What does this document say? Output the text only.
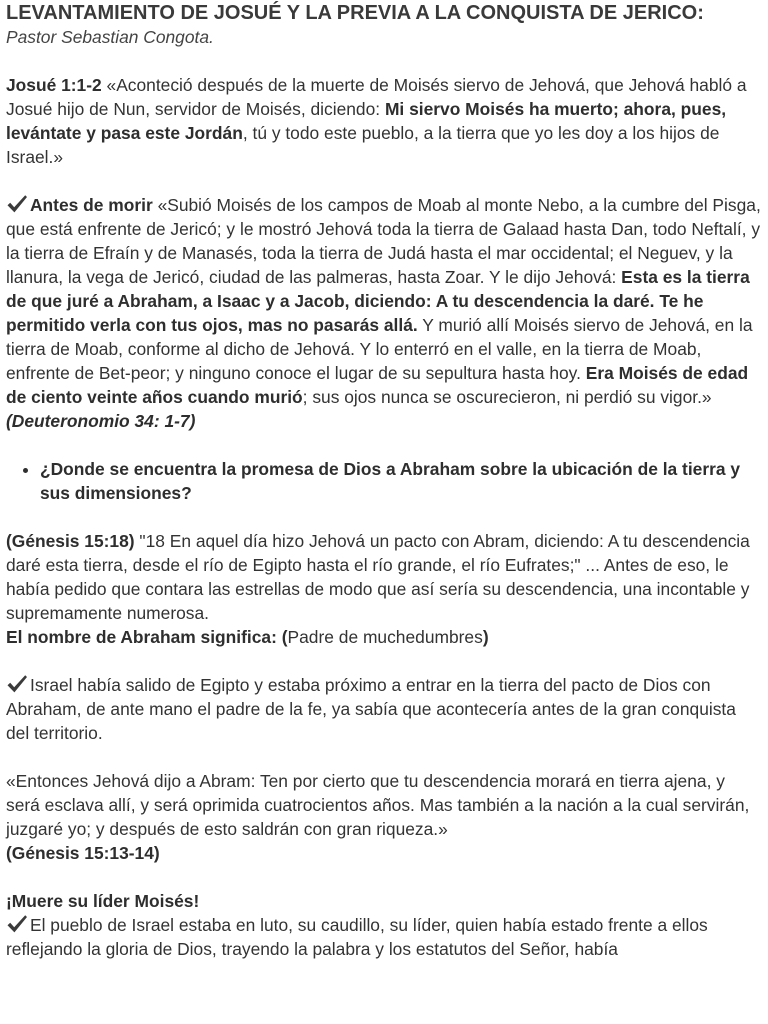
LEVANTAMIENTO DE JOSUÉ Y LA PREVIA A LA CONQUISTA DE JERICO:
Pastor Sebastian Congota.

Josué 1:1-2 «Aconteció después de la muerte de Moisés siervo de Jehová, que Jehová habló a Josué hijo de Nun, servidor de Moisés, diciendo: Mi siervo Moisés ha muerto; ahora, pues, levántate y pasa este Jordán, tú y todo este pueblo, a la tierra que yo les doy a los hijos de Israel.»

Antes de morir «Subió Moisés de los campos de Moab al monte Nebo, a la cumbre del Pisga, que está enfrente de Jericó; y le mostró Jehová toda la tierra de Galaad hasta Dan, todo Neftalí, y la tierra de Efraín y de Manasés, toda la tierra de Judá hasta el mar occidental; el Neguev, y la llanura, la vega de Jericó, ciudad de las palmeras, hasta Zoar. Y le dijo Jehová: Esta es la tierra de que juré a Abraham, a Isaac y a Jacob, diciendo: A tu descendencia la daré. Te he permitido verla con tus ojos, mas no pasarás allá. Y murió allí Moisés siervo de Jehová, en la tierra de Moab, conforme al dicho de Jehová. Y lo enterró en el valle, en la tierra de Moab, enfrente de Bet-peor; y ninguno conoce el lugar de su sepultura hasta hoy. Era Moisés de edad de ciento veinte años cuando murió; sus ojos nunca se oscurecieron, ni perdió su vigor.»

(Deuteronomio 34: 1-7)

• ¿Donde se encuentra la promesa de Dios a Abraham sobre la ubicación de la tierra y sus dimensiones?

(Génesis 15:18) "18 En aquel día hizo Jehová un pacto con Abram, diciendo: A tu descendencia daré esta tierra, desde el río de Egipto hasta el río grande, el río Eufrates;" ... Antes de eso, le había pedido que contara las estrellas de modo que así sería su descendencia, una incontable y supremamente numerosa.

El nombre de Abraham significa: (Padre de muchedumbres)

Israel había salido de Egipto y estaba próximo a entrar en la tierra del pacto de Dios con Abraham, de ante mano el padre de la fe, ya sabía que acontecería antes de la gran conquista del territorio.

«Entonces Jehová dijo a Abram: Ten por cierto que tu descendencia morará en tierra ajena, y será esclava allí, y será oprimida cuatrocientos años. Mas también a la nación a la cual servirán, juzgaré yo; y después de esto saldrán con gran riqueza.»

(Génesis 15:13-14)

¡Muere su líder Moisés!

El pueblo de Israel estaba en luto, su caudillo, su líder, quien había estado frente a ellos reflejando la gloria de Dios, trayendo la palabra y los estatutos del Señor, había
